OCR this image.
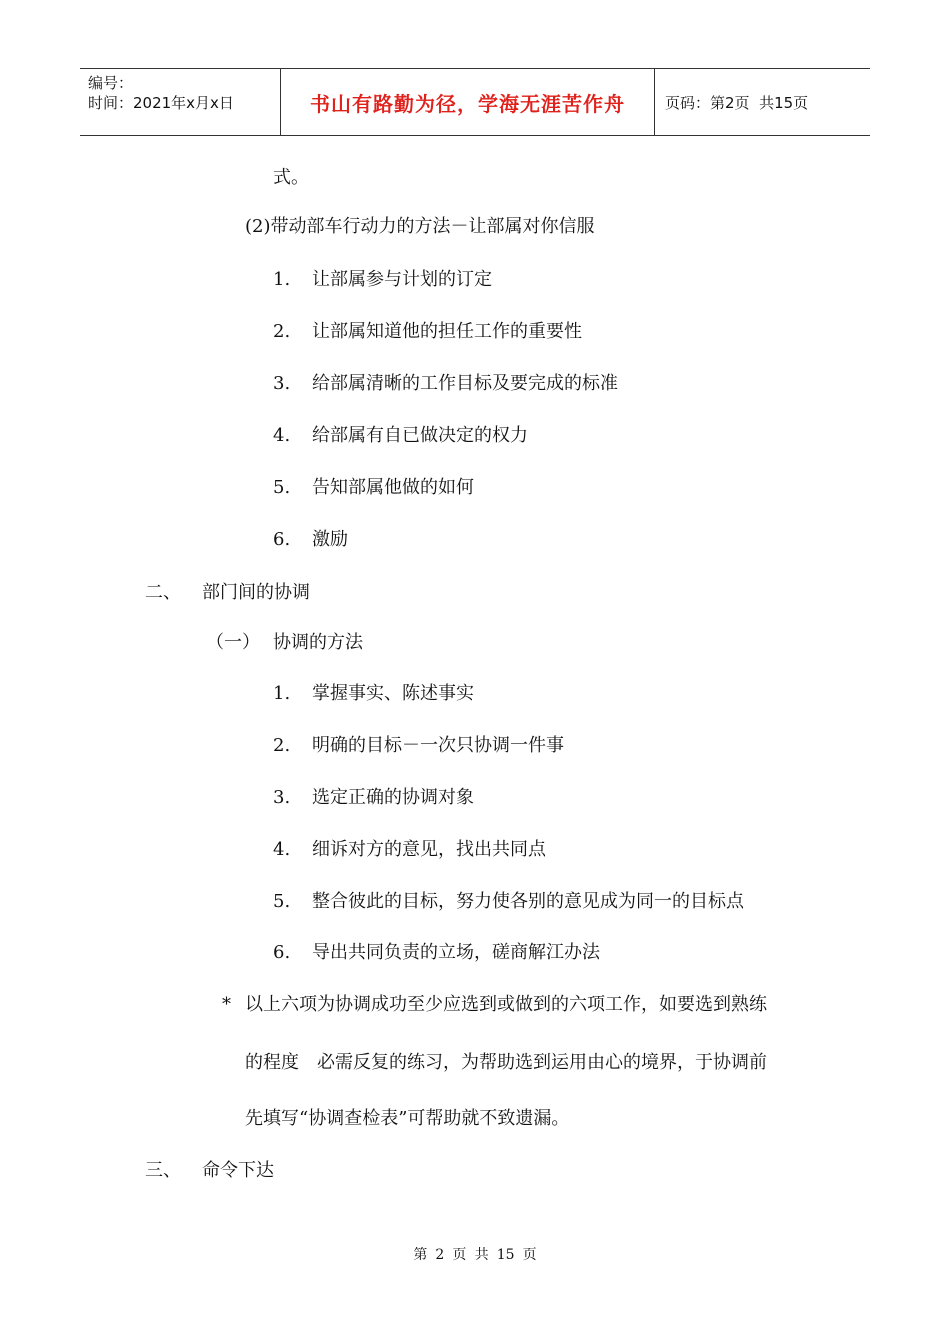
编号：
时间：2021年x月x日	书山有路勤为径，学海无涯苦作舟	页码：第2页  共15页
式。
(2)带动部车行动力的方法－让部属对你信服
1. 让部属参与计划的订定
2. 让部属知道他的担任工作的重要性
3. 给部属清晰的工作目标及要完成的标准
4. 给部属有自已做决定的权力
5. 告知部属他做的如何
6. 激励
二、 部门间的协调
（一） 协调的方法
1. 掌握事实、陈述事实
2. 明确的目标－一次只协调一件事
3. 选定正确的协调对象
4. 细诉对方的意见，找出共同点
5. 整合彼此的目标，努力使各别的意见成为同一的目标点
6. 导出共同负责的立场，磋商解江办法
* 以上六项为协调成功至少应选到或做到的六项工作，如要选到熟练
的程度　必需反复的练习，为帮助选到运用由心的境界，于协调前
先填写“协调查检表”可帮助就不致遗漏。
三、 命令下达
第 2 页 共 15 页
